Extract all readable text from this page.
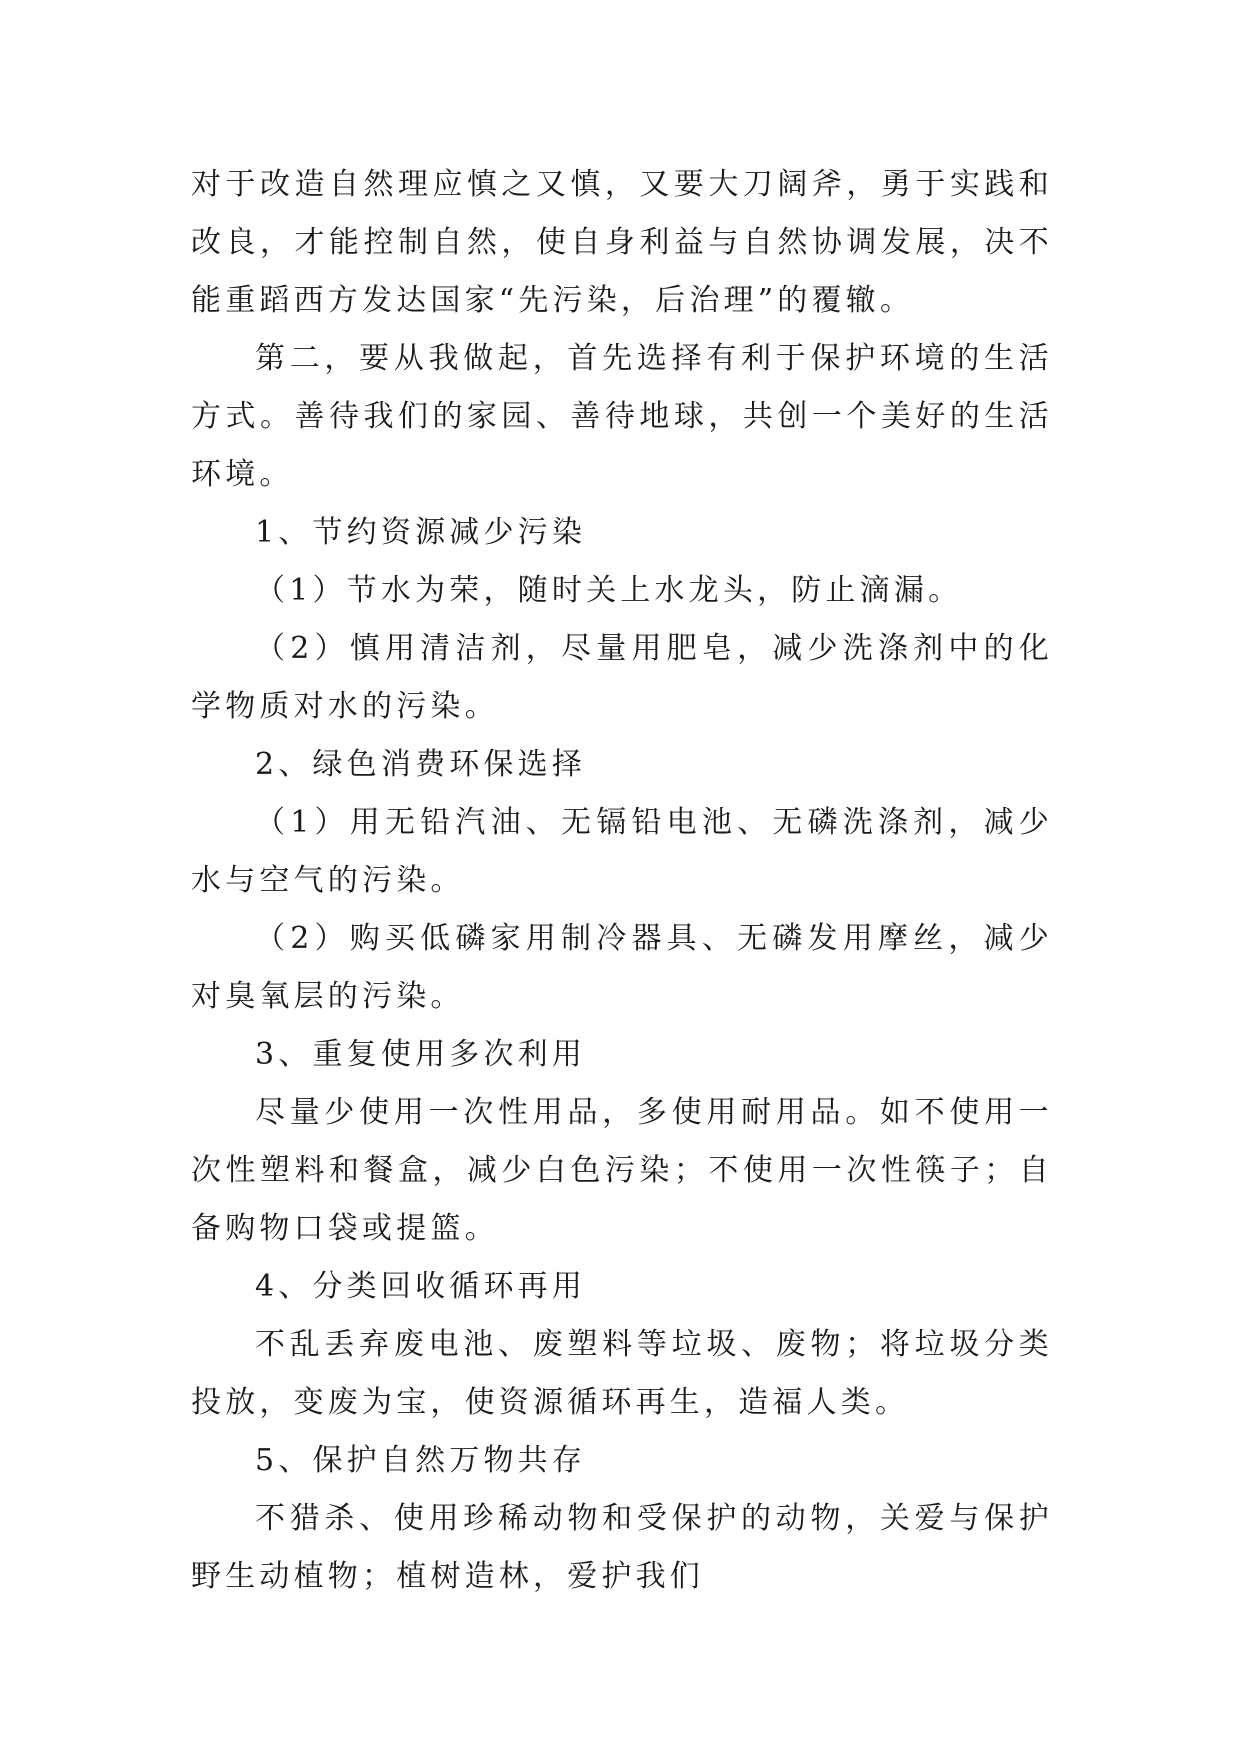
对于改造自然理应慎之又慎，又要大刀阔斧，勇于实践和改良，才能控制自然，使自身利益与自然协调发展，决不能重蹈西方发达国家“先污染，后治理”的覆辙。

第二，要从我做起，首先选择有利于保护环境的生活方式。善待我们的家园、善待地球，共创一个美好的生活环境。

1、节约资源减少污染

（1）节水为荣，随时关上水龙头，防止滴漏。

（2）慎用清洁剂，尽量用肥皂，减少洗涤剂中的化学物质对水的污染。

2、绿色消费环保选择

（1）用无铅汽油、无镉铅电池、无磷洗涤剂，减少水与空气的污染。

（2）购买低磷家用制冷器具、无磷发用摩丝，减少对臭氧层的污染。

3、重复使用多次利用

尽量少使用一次性用品，多使用耐用品。如不使用一次性塑料和餐盒，减少白色污染；不使用一次性筷子；自备购物口袋或提篮。

4、分类回收循环再用

不乱丢弃废电池、废塑料等垃圾、废物；将垃圾分类投放，变废为宝，使资源循环再生，造福人类。

5、保护自然万物共存

不猎杀、使用珍稀动物和受保护的动物，关爱与保护野生动植物；植树造林，爱护我们
